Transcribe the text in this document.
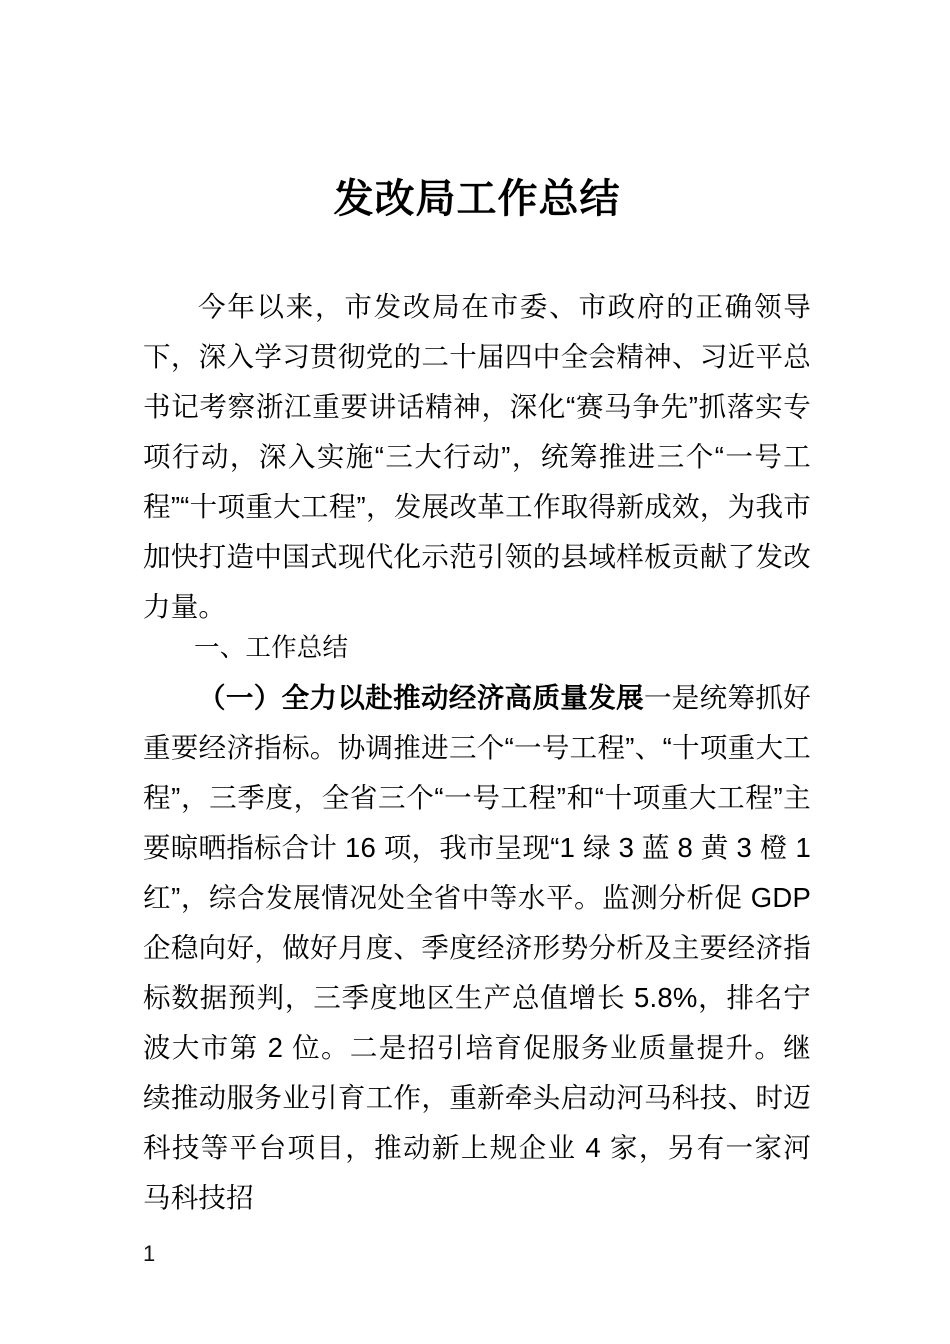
发改局工作总结

今年以来，市发改局在市委、市政府的正确领导下，深入学习贯彻党的二十届四中全会精神、习近平总书记考察浙江重要讲话精神，深化“赛马争先”抓落实专项行动，深入实施“三大行动”，统筹推进三个“一号工程”“十项重大工程”，发展改革工作取得新成效，为我市加快打造中国式现代化示范引领的县域样板贡献了发改力量。

一、工作总结

（一）全力以赴推动经济高质量发展一是统筹抓好重要经济指标。协调推进三个“一号工程”、“十项重大工程”，三季度，全省三个“一号工程”和“十项重大工程”主要晾晒指标合计 16 项，我市呈现“1 绿 3 蓝 8 黄 3 橙 1 红”，综合发展情况处全省中等水平。监测分析促 GDP 企稳向好，做好月度、季度经济形势分析及主要经济指标数据预判，三季度地区生产总值增长 5.8%，排名宁波大市第 2 位。二是招引培育促服务业质量提升。继续推动服务业引育工作，重新牵头启动河马科技、时迈科技等平台项目，推动新上规企业 4 家，另有一家河马科技招

1
